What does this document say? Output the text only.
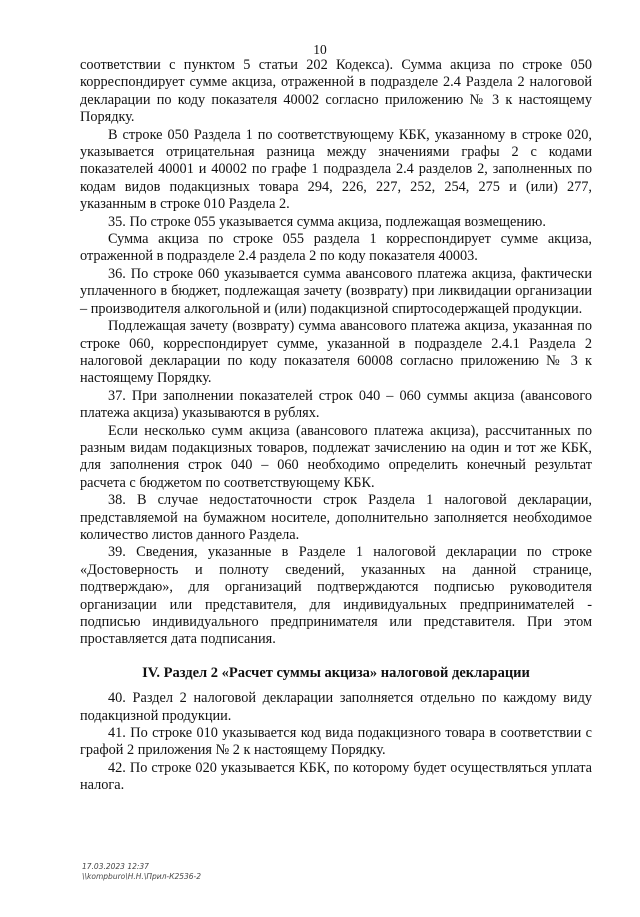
10

соответствии с пунктом 5 статьи 202 Кодекса). Сумма акциза по строке 050 корреспондирует сумме акциза, отраженной в подразделе 2.4 Раздела 2 налоговой декларации по коду показателя 40002 согласно приложению № 3 к настоящему Порядку.

В строке 050 Раздела 1 по соответствующему КБК, указанному в строке 020, указывается отрицательная разница между значениями графы 2 с кодами показателей 40001 и 40002 по графе 1 подраздела 2.4 разделов 2, заполненных по кодам видов подакцизных товара 294, 226, 227, 252, 254, 275 и (или) 277, указанным в строке 010 Раздела 2.

35. По строке 055 указывается сумма акциза, подлежащая возмещению.

Сумма акциза по строке 055 раздела 1 корреспондирует сумме акциза, отраженной в подразделе 2.4 раздела 2 по коду показателя 40003.

36. По строке 060 указывается сумма авансового платежа акциза, фактически уплаченного в бюджет, подлежащая зачету (возврату) при ликвидации организации – производителя алкогольной и (или) подакцизной спиртосодержащей продукции.

Подлежащая зачету (возврату) сумма авансового платежа акциза, указанная по строке 060, корреспондирует сумме, указанной в подразделе 2.4.1 Раздела 2 налоговой декларации по коду показателя 60008 согласно приложению № 3 к настоящему Порядку.

37. При заполнении показателей строк 040 – 060 суммы акциза (авансового платежа акциза) указываются в рублях.

Если несколько сумм акциза (авансового платежа акциза), рассчитанных по разным видам подакцизных товаров, подлежат зачислению на один и тот же КБК, для заполнения строк 040 – 060 необходимо определить конечный результат расчета с бюджетом по соответствующему КБК.

38. В случае недостаточности строк Раздела 1 налоговой декларации, представляемой на бумажном носителе, дополнительно заполняется необходимое количество листов данного Раздела.

39. Сведения, указанные в Разделе 1 налоговой декларации по строке «Достоверность и полноту сведений, указанных на данной странице, подтверждаю», для организаций подтверждаются подписью руководителя организации или представителя, для индивидуальных предпринимателей - подписью индивидуального предпринимателя или представителя. При этом проставляется дата подписания.

IV. Раздел 2 «Расчет суммы акциза» налоговой декларации

40. Раздел 2 налоговой декларации заполняется отдельно по каждому виду подакцизной продукции.

41. По строке 010 указывается код вида подакцизного товара в соответствии с графой 2 приложения № 2 к настоящему Порядку.

42. По строке 020 указывается КБК, по которому будет осуществляться уплата налога.

17.03.2023 12:37
\\kompburo\Н.Н.\Прил-К2536-2
